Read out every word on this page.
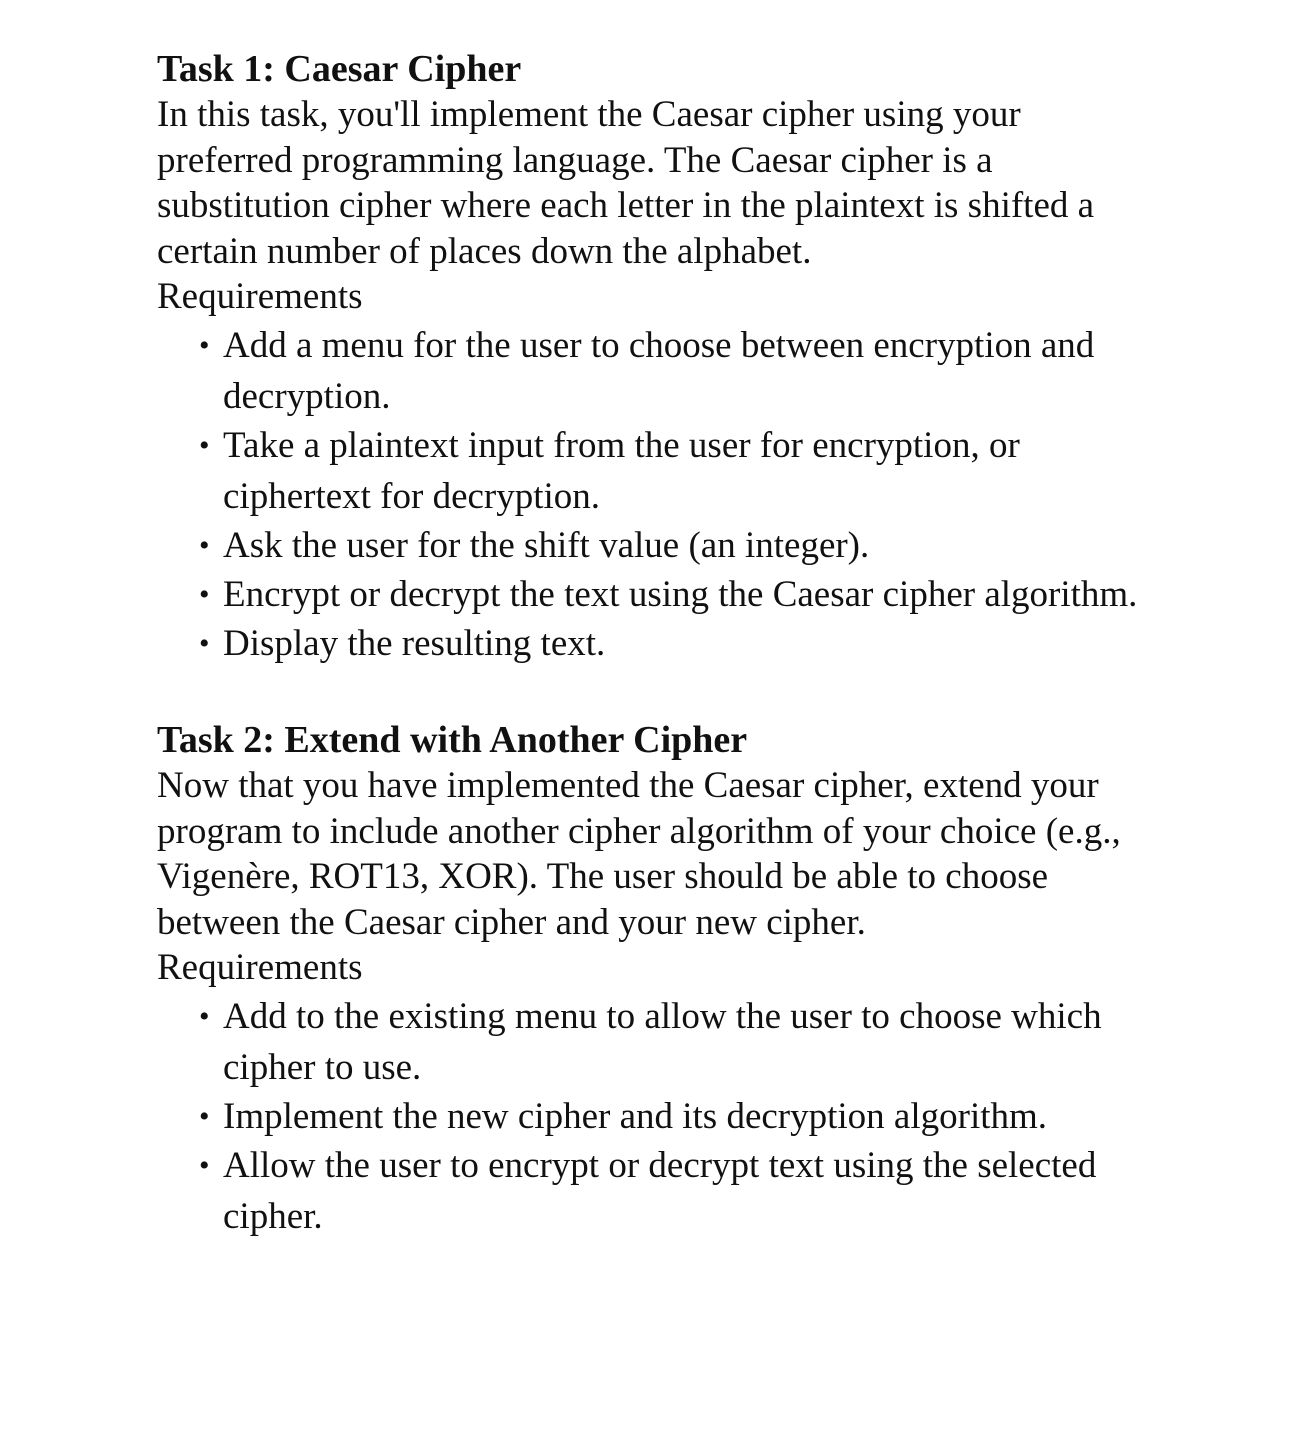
Task 1: Caesar Cipher

In this task, you'll implement the Caesar cipher using your preferred programming language. The Caesar cipher is a substitution cipher where each letter in the plaintext is shifted a certain number of places down the alphabet.

Requirements

• Add a menu for the user to choose between encryption and decryption.
• Take a plaintext input from the user for encryption, or ciphertext for decryption.
• Ask the user for the shift value (an integer).
• Encrypt or decrypt the text using the Caesar cipher algorithm.
• Display the resulting text.
Task 2: Extend with Another Cipher

Now that you have implemented the Caesar cipher, extend your program to include another cipher algorithm of your choice (e.g., Vigenère, ROT13, XOR). The user should be able to choose between the Caesar cipher and your new cipher.

Requirements

• Add to the existing menu to allow the user to choose which cipher to use.
• Implement the new cipher and its decryption algorithm.
• Allow the user to encrypt or decrypt text using the selected cipher.
